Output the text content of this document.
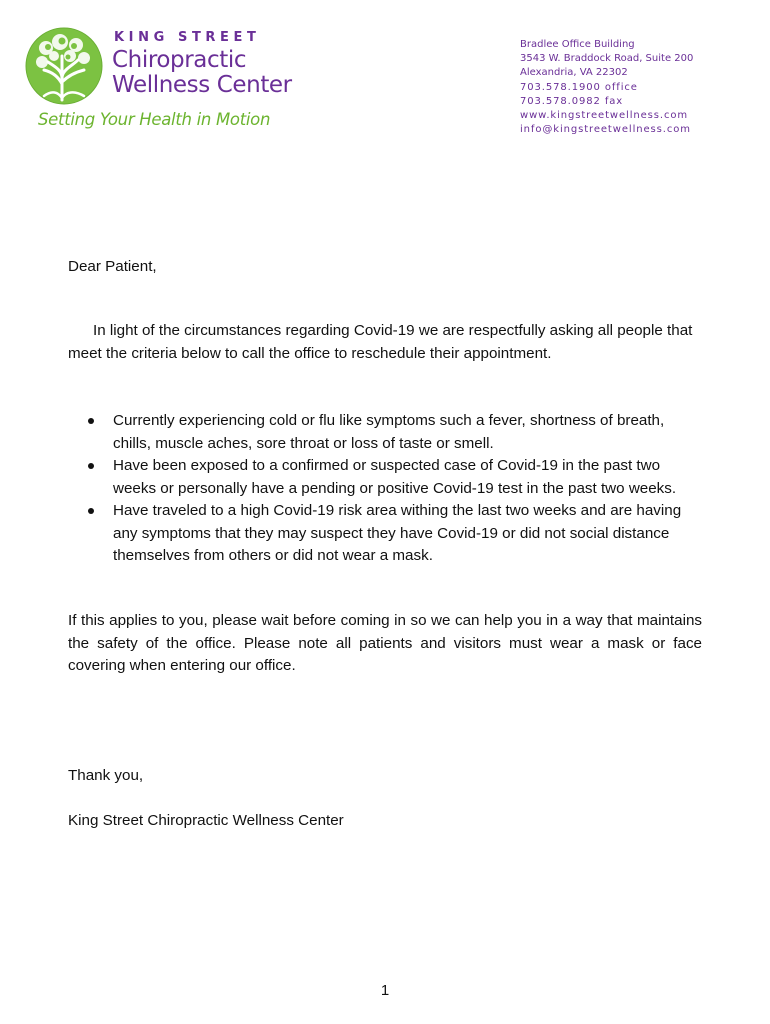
KING STREET
Chiropractic
Wellness Center
Setting Your Health in Motion
Bradlee Office Building
3543 W. Braddock Road, Suite 200
Alexandria, VA 22302
703.578.1900 office
703.578.0982 fax
www.kingstreetwellness.com
info@kingstreetwellness.com
Dear Patient,
In light of the circumstances regarding Covid-19 we are respectfully asking all people that meet the criteria below to call the office to reschedule their appointment.
Currently experiencing cold or flu like symptoms such a fever, shortness of breath, chills, muscle aches, sore throat or loss of taste or smell.
Have been exposed to a confirmed or suspected case of Covid-19 in the past two weeks or personally have a pending or positive Covid-19 test in the past two weeks.
Have traveled to a high Covid-19 risk area withing the last two weeks and are having any symptoms that they may suspect they have Covid-19 or did not social distance themselves from others or did not wear a mask.
If this applies to you, please wait before coming in so we can help you in a way that maintains the safety of the office. Please note all patients and visitors must wear a mask or face covering when entering our office.
Thank you,
King Street Chiropractic Wellness Center
1
